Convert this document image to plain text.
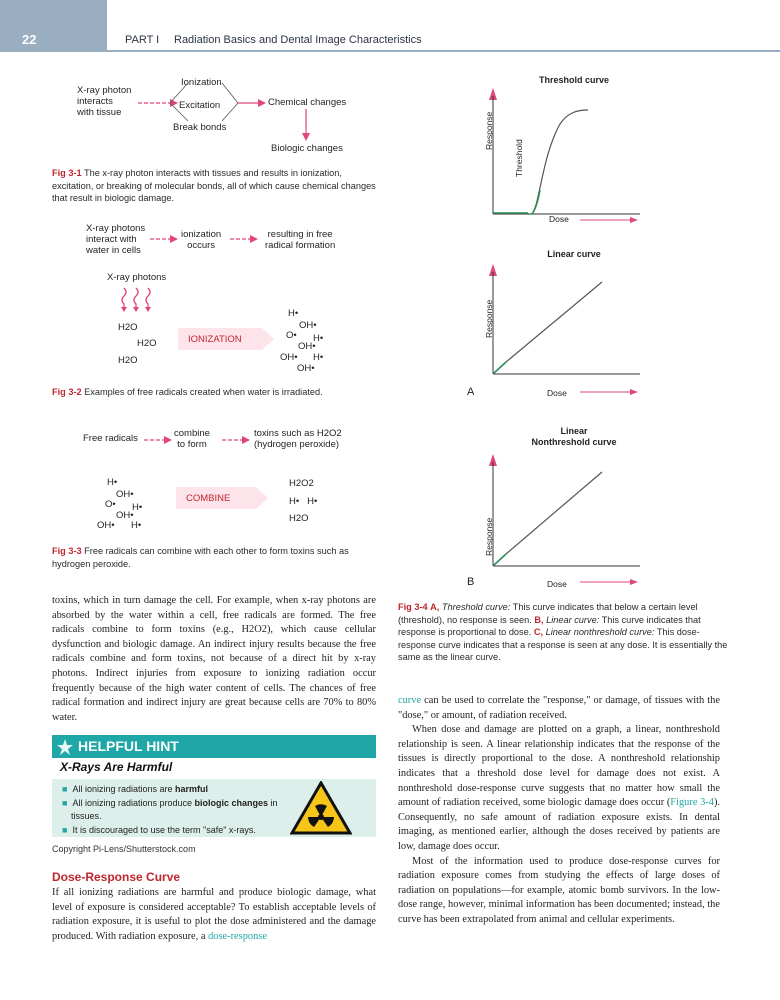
22	PART I Radiation Basics and Dental Image Characteristics
X-ray photon
interacts
with tissue
Ionization
Excitation
Break bonds
Chemical changes
Biologic changes
Fig 3-1 The x-ray photon interacts with tissues and results in ionization, excitation, or breaking of molecular bonds, all of which cause chemical changes that result in biologic damage.
X-ray photons
interact with
water in cells
ionization
occurs
resulting in free
radical formation
X-ray photons
H2O
H2O
H2O
IONIZATION
H•
OH•
O• H•
OH•
OH• H•
OH•
Fig 3-2 Examples of free radicals created when water is irradiated.
Free radicals	combine
to form
toxins such as H2O2
(hydrogen peroxide)
H•
OH•
O• H•
OH•
OH• H•
COMBINE
H2O2
H•   H•
H2O
Fig 3-3 Free radicals can combine with each other to form toxins such as hydrogen peroxide.
Threshold curve
Response
Threshold
Dose
Linear curve
Response
Dose
A
Linear
Nonthreshold curve
Response
Dose
B
Fig 3-4 A, Threshold curve: This curve indicates that below a certain level (threshold), no response is seen. B, Linear curve: This curve indicates that response is proportional to dose. C, Linear nonthreshold curve: This dose-response curve indicates that a response is seen at any dose. It is essentially the same as the linear curve.
toxins, which in turn damage the cell. For example, when x-ray photons are absorbed by the water within a cell, free radicals are formed. The free radicals combine to form toxins (e.g., H2O2), which cause cellular dysfunction and biologic damage. An indirect injury results because the free radicals combine and form toxins, not because of a direct hit by x-ray photons. Indirect injuries from exposure to ionizing radiation occur frequently because of the high water content of cells. The chances of free radical formation and indirect injury are great because cells are 70% to 80% water.
HELPFUL HINT
X-Rays Are Harmful
■ All ionizing radiations are harmful
■ All ionizing radiations produce biologic changes in
tissues.
■ It is discouraged to use the term "safe" x-rays.
Copyright Pi-Lens/Shutterstock.com
Dose-Response Curve
If all ionizing radiations are harmful and produce biologic damage, what level of exposure is considered acceptable? To establish acceptable levels of radiation exposure, it is useful to plot the dose administered and the damage produced. With radiation exposure, a dose-response
curve can be used to correlate the "response," or damage, of tissues with the "dose," or amount, of radiation received.
When dose and damage are plotted on a graph, a linear, nonthreshold relationship is seen. A linear relationship indicates that the response of the tissues is directly proportional to the dose. A nonthreshold relationship indicates that a threshold dose level for damage does not exist. A nonthreshold dose-response curve suggests that no matter how small the amount of radiation received, some biologic damage does occur (Figure 3-4). Consequently, no safe amount of radiation exposure exists. In dental imaging, as mentioned earlier, although the doses received by patients are low, damage does occur.
Most of the information used to produce dose-response curves for radiation exposure comes from studying the effects of large doses of radiation on populations—for example, atomic bomb survivors. In the low-dose range, however, minimal information has been documented; instead, the curve has been extrapolated from animal and cellular experiments.
